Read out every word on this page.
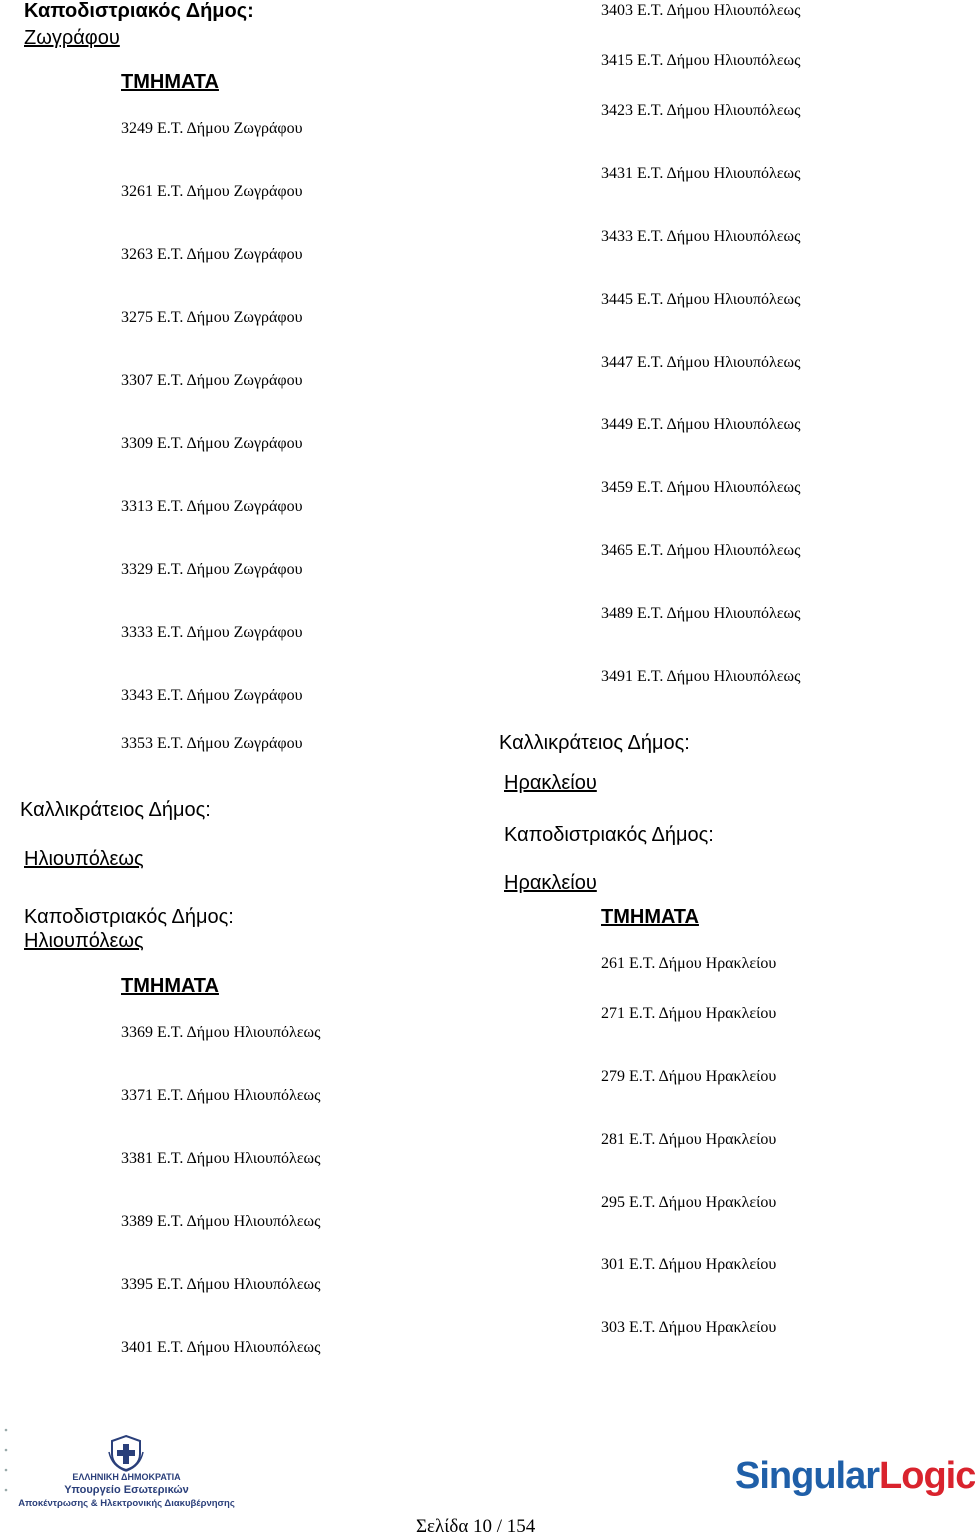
Καποδιστριακός Δήμος:
Ζωγράφου
ΤΜΗΜΑΤΑ
3249 Ε.Τ. Δήμου Ζωγράφου
3261 Ε.Τ. Δήμου Ζωγράφου
3263 Ε.Τ. Δήμου Ζωγράφου
3275 Ε.Τ. Δήμου Ζωγράφου
3307 Ε.Τ. Δήμου Ζωγράφου
3309 Ε.Τ. Δήμου Ζωγράφου
3313 Ε.Τ. Δήμου Ζωγράφου
3329 Ε.Τ. Δήμου Ζωγράφου
3333 Ε.Τ. Δήμου Ζωγράφου
3343 Ε.Τ. Δήμου Ζωγράφου
3353 Ε.Τ. Δήμου Ζωγράφου
Καλλικράτειος Δήμος:
Ηλιουπόλεως
Καποδιστριακός Δήμος:
Ηλιουπόλεως
ΤΜΗΜΑΤΑ
3369 Ε.Τ. Δήμου Ηλιουπόλεως
3371 Ε.Τ. Δήμου Ηλιουπόλεως
3381 Ε.Τ. Δήμου Ηλιουπόλεως
3389 Ε.Τ. Δήμου Ηλιουπόλεως
3395 Ε.Τ. Δήμου Ηλιουπόλεως
3401 Ε.Τ. Δήμου Ηλιουπόλεως
3403 Ε.Τ. Δήμου Ηλιουπόλεως
3415 Ε.Τ. Δήμου Ηλιουπόλεως
3423 Ε.Τ. Δήμου Ηλιουπόλεως
3431 Ε.Τ. Δήμου Ηλιουπόλεως
3433 Ε.Τ. Δήμου Ηλιουπόλεως
3445 Ε.Τ. Δήμου Ηλιουπόλεως
3447 Ε.Τ. Δήμου Ηλιουπόλεως
3449 Ε.Τ. Δήμου Ηλιουπόλεως
3459 Ε.Τ. Δήμου Ηλιουπόλεως
3465 Ε.Τ. Δήμου Ηλιουπόλεως
3489 Ε.Τ. Δήμου Ηλιουπόλεως
3491 Ε.Τ. Δήμου Ηλιουπόλεως
Καλλικράτειος Δήμος:
Ηρακλείου
Καποδιστριακός Δήμος:
Ηρακλείου
ΤΜΗΜΑΤΑ
261 Ε.Τ. Δήμου Ηρακλείου
271 Ε.Τ. Δήμου Ηρακλείου
279 Ε.Τ. Δήμου Ηρακλείου
281 Ε.Τ. Δήμου Ηρακλείου
295 Ε.Τ. Δήμου Ηρακλείου
301 Ε.Τ. Δήμου Ηρακλείου
303 Ε.Τ. Δήμου Ηρακλείου
ΕΛΛΗΝΙΚΗ ΔΗΜΟΚΡΑΤΙΑ
Υπουργείο Εσωτερικών
Αποκέντρωσης & Ηλεκτρονικής Διακυβέρνησης
Σελίδα 10 / 154
SingularLogic
